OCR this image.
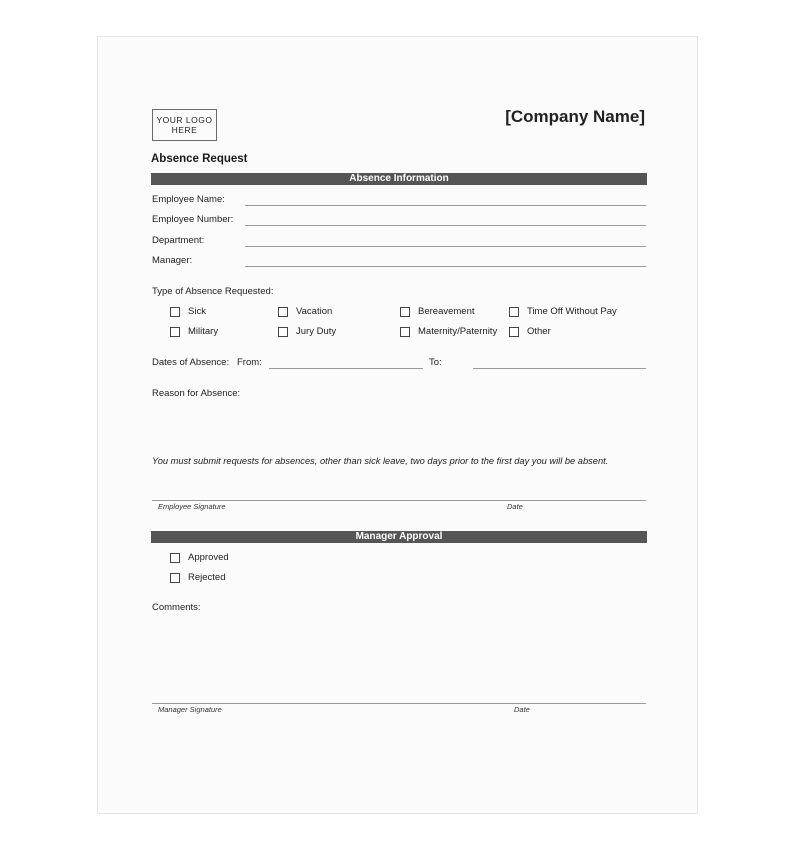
YOUR LOGO
HERE
[Company Name]
Absence Request
Absence Information
Employee Name:
Employee Number:
Department:
Manager:
Type of Absence Requested:
Sick	Vacation	Bereavement	Time Off Without Pay
Military	Jury Duty	Maternity/Paternity	Other
Dates of Absence: From:	To:
Reason for Absence:
You must submit requests for absences, other than sick leave, two days prior to the first day you will be absent.
Employee Signature	Date
Manager Approval
Approved
Rejected
Comments:
Manager Signature	Date
